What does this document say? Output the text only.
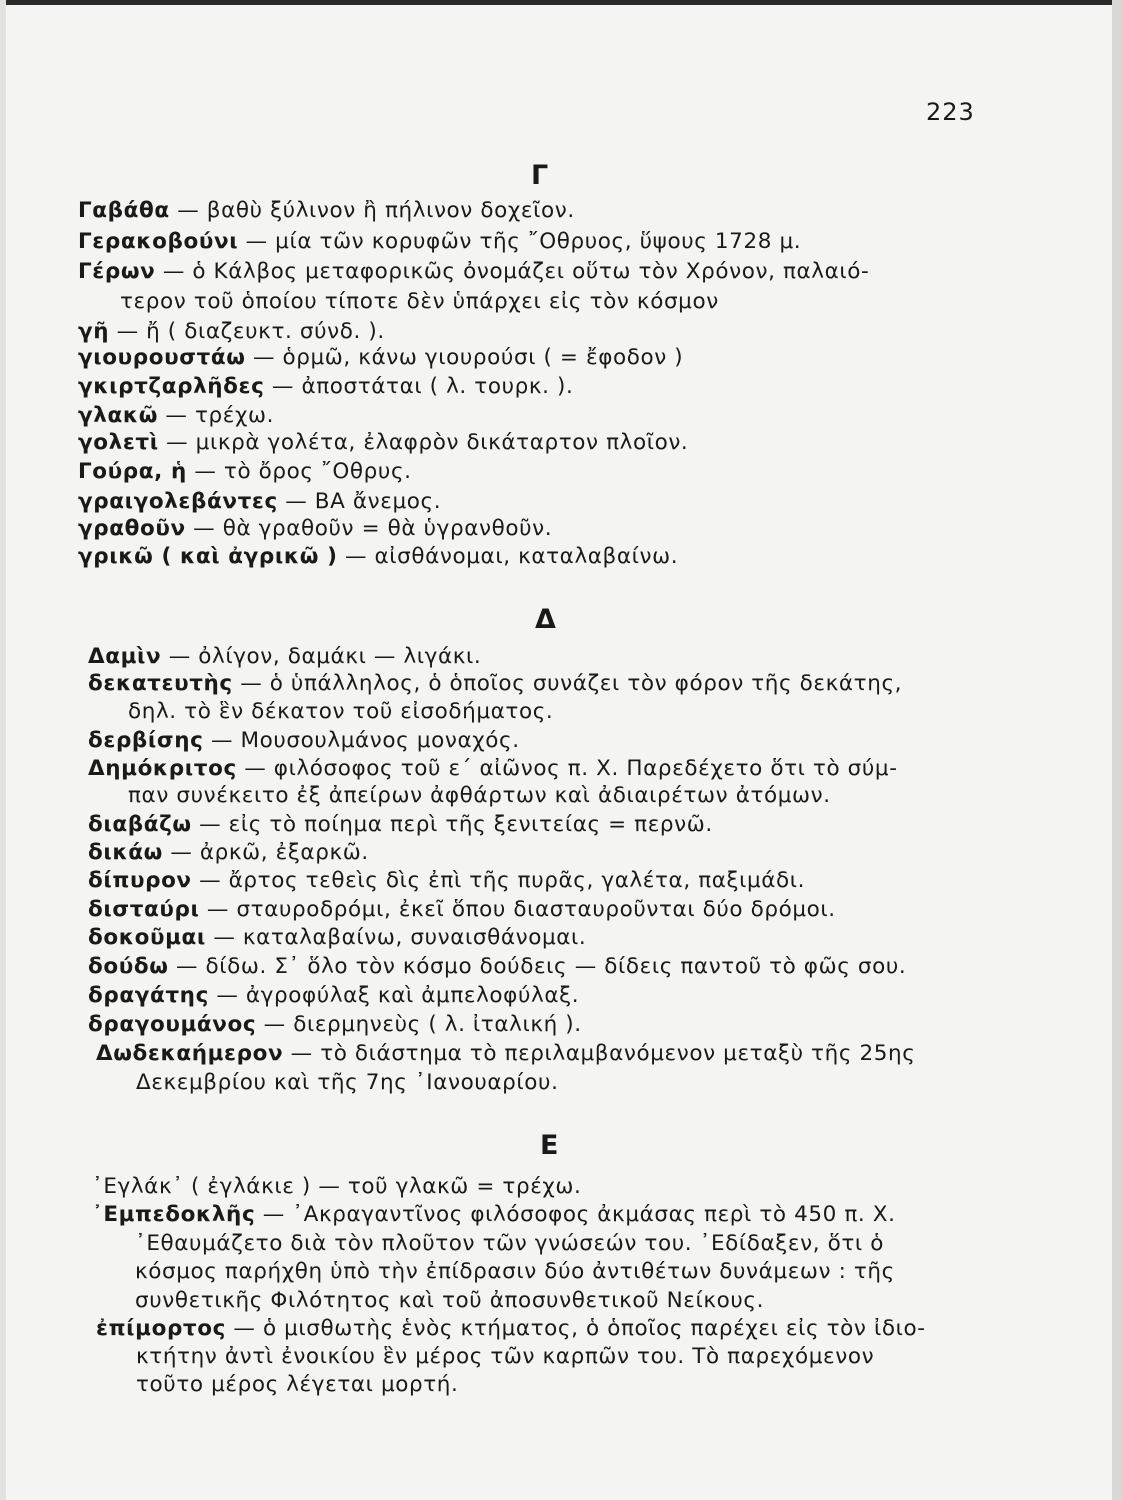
223
Γ
Γαβάθα — βαθὺ ξύλινον ἢ πήλινον δοχεῖον.
Γερακοβούνι — μία τῶν κορυφῶν τῆς ῎Οθρυος, ὕψους 1728 μ.
Γέρων — ὁ Κάλβος μεταφορικῶς ὀνομάζει οὕτω τὸν Χρόνον, παλαιό-
τερον τοῦ ὁποίου τίποτε δὲν ὑπάρχει εἰς τὸν κόσμον
γῆ — ἤ ( διαζευκτ. σύνδ. ).
γιουρουστάω — ὁρμῶ, κάνω γιουρούσι ( = ἔφοδον )
γκιρτζαρλῆδες — ἀποστάται ( λ. τουρκ. ).
γλακῶ — τρέχω.
γολετὶ — μικρὰ γολέτα, ἐλαφρὸν δικάταρτον πλοῖον.
Γούρα, ἡ — τὸ ὄρος ῎Οθρυς.
γραιγολεβάντες — ΒΑ ἄνεμος.
γραθοῦν — θὰ γραθοῦν = θὰ ὑγρανθοῦν.
γρικῶ ( καὶ ἀγρικῶ ) — αἰσθάνομαι, καταλαβαίνω.
Δ
Δαμὶν — ὀλίγον, δαμάκι — λιγάκι.
δεκατευτὴς — ὁ ὑπάλληλος, ὁ ὁποῖος συνάζει τὸν φόρον τῆς δεκάτης,
δηλ. τὸ ἓν δέκατον τοῦ εἰσοδήματος.
δερβίσης — Μουσουλμάνος μοναχός.
Δημόκριτος — φιλόσοφος τοῦ ε΄ αἰῶνος π. Χ. Παρεδέχετο ὅτι τὸ σύμ-
παν συνέκειτο ἐξ ἀπείρων ἀφθάρτων καὶ ἀδιαιρέτων ἀτόμων.
διαβάζω — εἰς τὸ ποίημα περὶ τῆς ξενιτείας = περνῶ.
δικάω — ἀρκῶ, ἐξαρκῶ.
δίπυρον — ἄρτος τεθεὶς δὶς ἐπὶ τῆς πυρᾶς, γαλέτα, παξιμάδι.
δισταύρι — σταυροδρόμι, ἐκεῖ ὅπου διασταυροῦνται δύο δρόμοι.
δοκοῦμαι — καταλαβαίνω, συναισθάνομαι.
δούδω — δίδω. Σ᾿ ὅλο τὸν κόσμο δούδεις — δίδεις παντοῦ τὸ φῶς σου.
δραγάτης — ἀγροφύλαξ καὶ ἀμπελοφύλαξ.
δραγουμάνος — διερμηνεὺς ( λ. ἰταλική ).
Δωδεκαήμερον — τὸ διάστημα τὸ περιλαμβανόμενον μεταξὺ τῆς 25ης
Δεκεμβρίου καὶ τῆς 7ης ᾿Ιανουαρίου.
Ε
᾿Εγλάκ᾿ ( ἐγλάκιε ) — τοῦ γλακῶ = τρέχω.
᾿Εμπεδοκλῆς — ᾿Ακραγαντῖνος φιλόσοφος ἀκμάσας περὶ τὸ 450 π. Χ.
᾿Εθαυμάζετο διὰ τὸν πλοῦτον τῶν γνώσεών του. ᾿Εδίδαξεν, ὅτι ὁ
κόσμος παρήχθη ὑπὸ τὴν ἐπίδρασιν δύο ἀντιθέτων δυνάμεων : τῆς
συνθετικῆς Φιλότητος καὶ τοῦ ἀποσυνθετικοῦ Νείκους.
ἐπίμορτος — ὁ μισθωτὴς ἑνὸς κτήματος, ὁ ὁποῖος παρέχει εἰς τὸν ἰδιο-
κτήτην ἀντὶ ἐνοικίου ἓν μέρος τῶν καρπῶν του. Τὸ παρεχόμενον
τοῦτο μέρος λέγεται μορτή.
